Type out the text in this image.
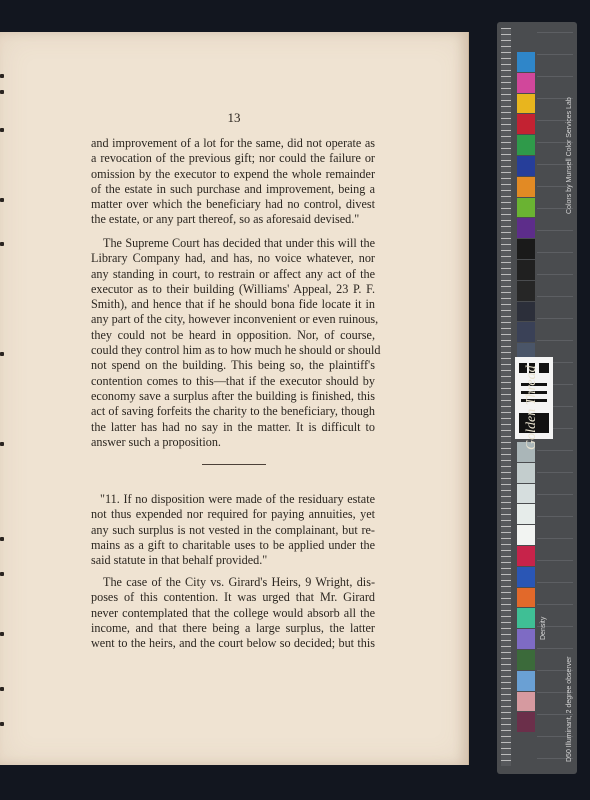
13

and improvement of a lot for the same, did not operate as
a revocation of the previous gift; nor could the failure or
omission by the executor to expend the whole remainder
of the estate in such purchase and improvement, being a
matter over which the beneficiary had no control, divest
the estate, or any part thereof, so as aforesaid devised."

The Supreme Court has decided that under this will the
Library Company had, and has, no voice whatever, nor
any standing in court, to restrain or affect any act of the
executor as to their building (Williams' Appeal, 23 P. F.
Smith), and hence that if he should bona fide locate it in
any part of the city, however inconvenient or even ruinous,
they could not be heard in opposition. Nor, of course,
could they control him as to how much he should or should
not spend on the building. This being so, the plaintiff's
contention comes to this—that if the executor should by
economy save a surplus after the building is finished, this
act of saving forfeits the charity to the beneficiary, though
the latter has had no say in the matter. It is difficult to
answer such a proposition.

"11. If no disposition were made of the residuary estate
not thus expended nor required for paying annuities, yet
any such surplus is not vested in the complainant, but re-
mains as a gift to charitable uses to be applied under the
said statute in that behalf provided."

The case of the City vs. Girard's Heirs, 9 Wright, dis-
poses of this contention. It was urged that Mr. Girard
never contemplated that the college would absorb all the
income, and that there being a large surplus, the latter
went to the heirs, and the court below so decided; but this

Golden Thread
Colors by Munsell Color Services Lab
D50 Illuminant, 2 degree observer
Density
